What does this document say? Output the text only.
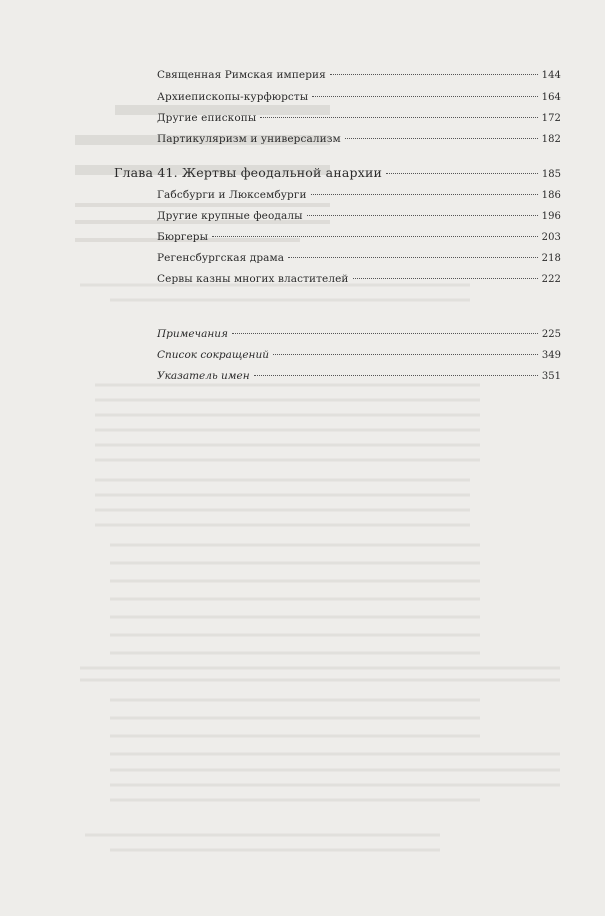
Священная Римская империя	144
Архиепископы-курфюрсты	164
Другие епископы	172
Партикуляризм и универсализм	182
Глава 41. Жертвы феодальной анархии	185
Габсбурги и Люксембурги	186
Другие крупные феодалы	196
Бюргеры	203
Регенсбургская драма	218
Сервы казны многих властителей	222
Примечания	225
Список сокращений	349
Указатель имен	351
